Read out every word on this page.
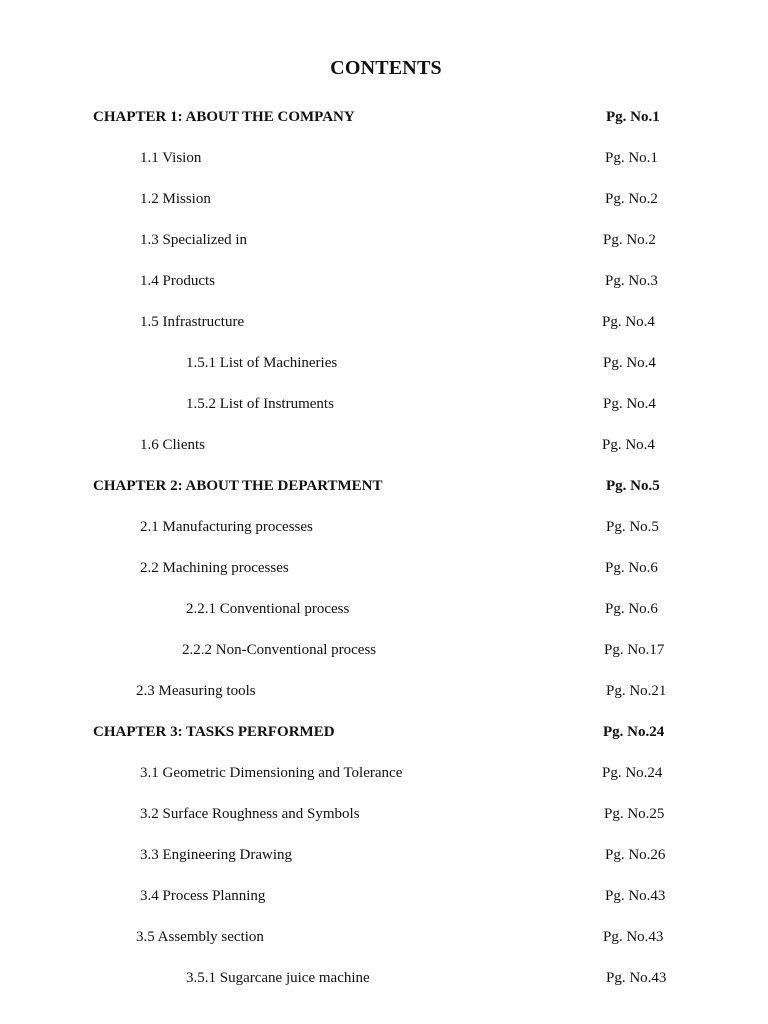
CONTENTS
CHAPTER 1: ABOUT THE COMPANY	Pg. No.1
1.1 Vision	Pg. No.1
1.2 Mission	Pg. No.2
1.3 Specialized in	Pg. No.2
1.4 Products	Pg. No.3
1.5 Infrastructure	Pg. No.4
1.5.1 List of Machineries	Pg. No.4
1.5.2 List of Instruments	Pg. No.4
1.6 Clients	Pg. No.4
CHAPTER 2: ABOUT THE DEPARTMENT	Pg. No.5
2.1 Manufacturing processes	Pg. No.5
2.2 Machining processes	Pg. No.6
2.2.1 Conventional process	Pg. No.6
2.2.2 Non-Conventional process	Pg. No.17
2.3 Measuring tools	Pg. No.21
CHAPTER 3: TASKS PERFORMED	Pg. No.24
3.1 Geometric Dimensioning and Tolerance	Pg. No.24
3.2 Surface Roughness and Symbols	Pg. No.25
3.3 Engineering Drawing	Pg. No.26
3.4 Process Planning	Pg. No.43
3.5 Assembly section	Pg. No.43
3.5.1 Sugarcane juice machine	Pg. No.43
